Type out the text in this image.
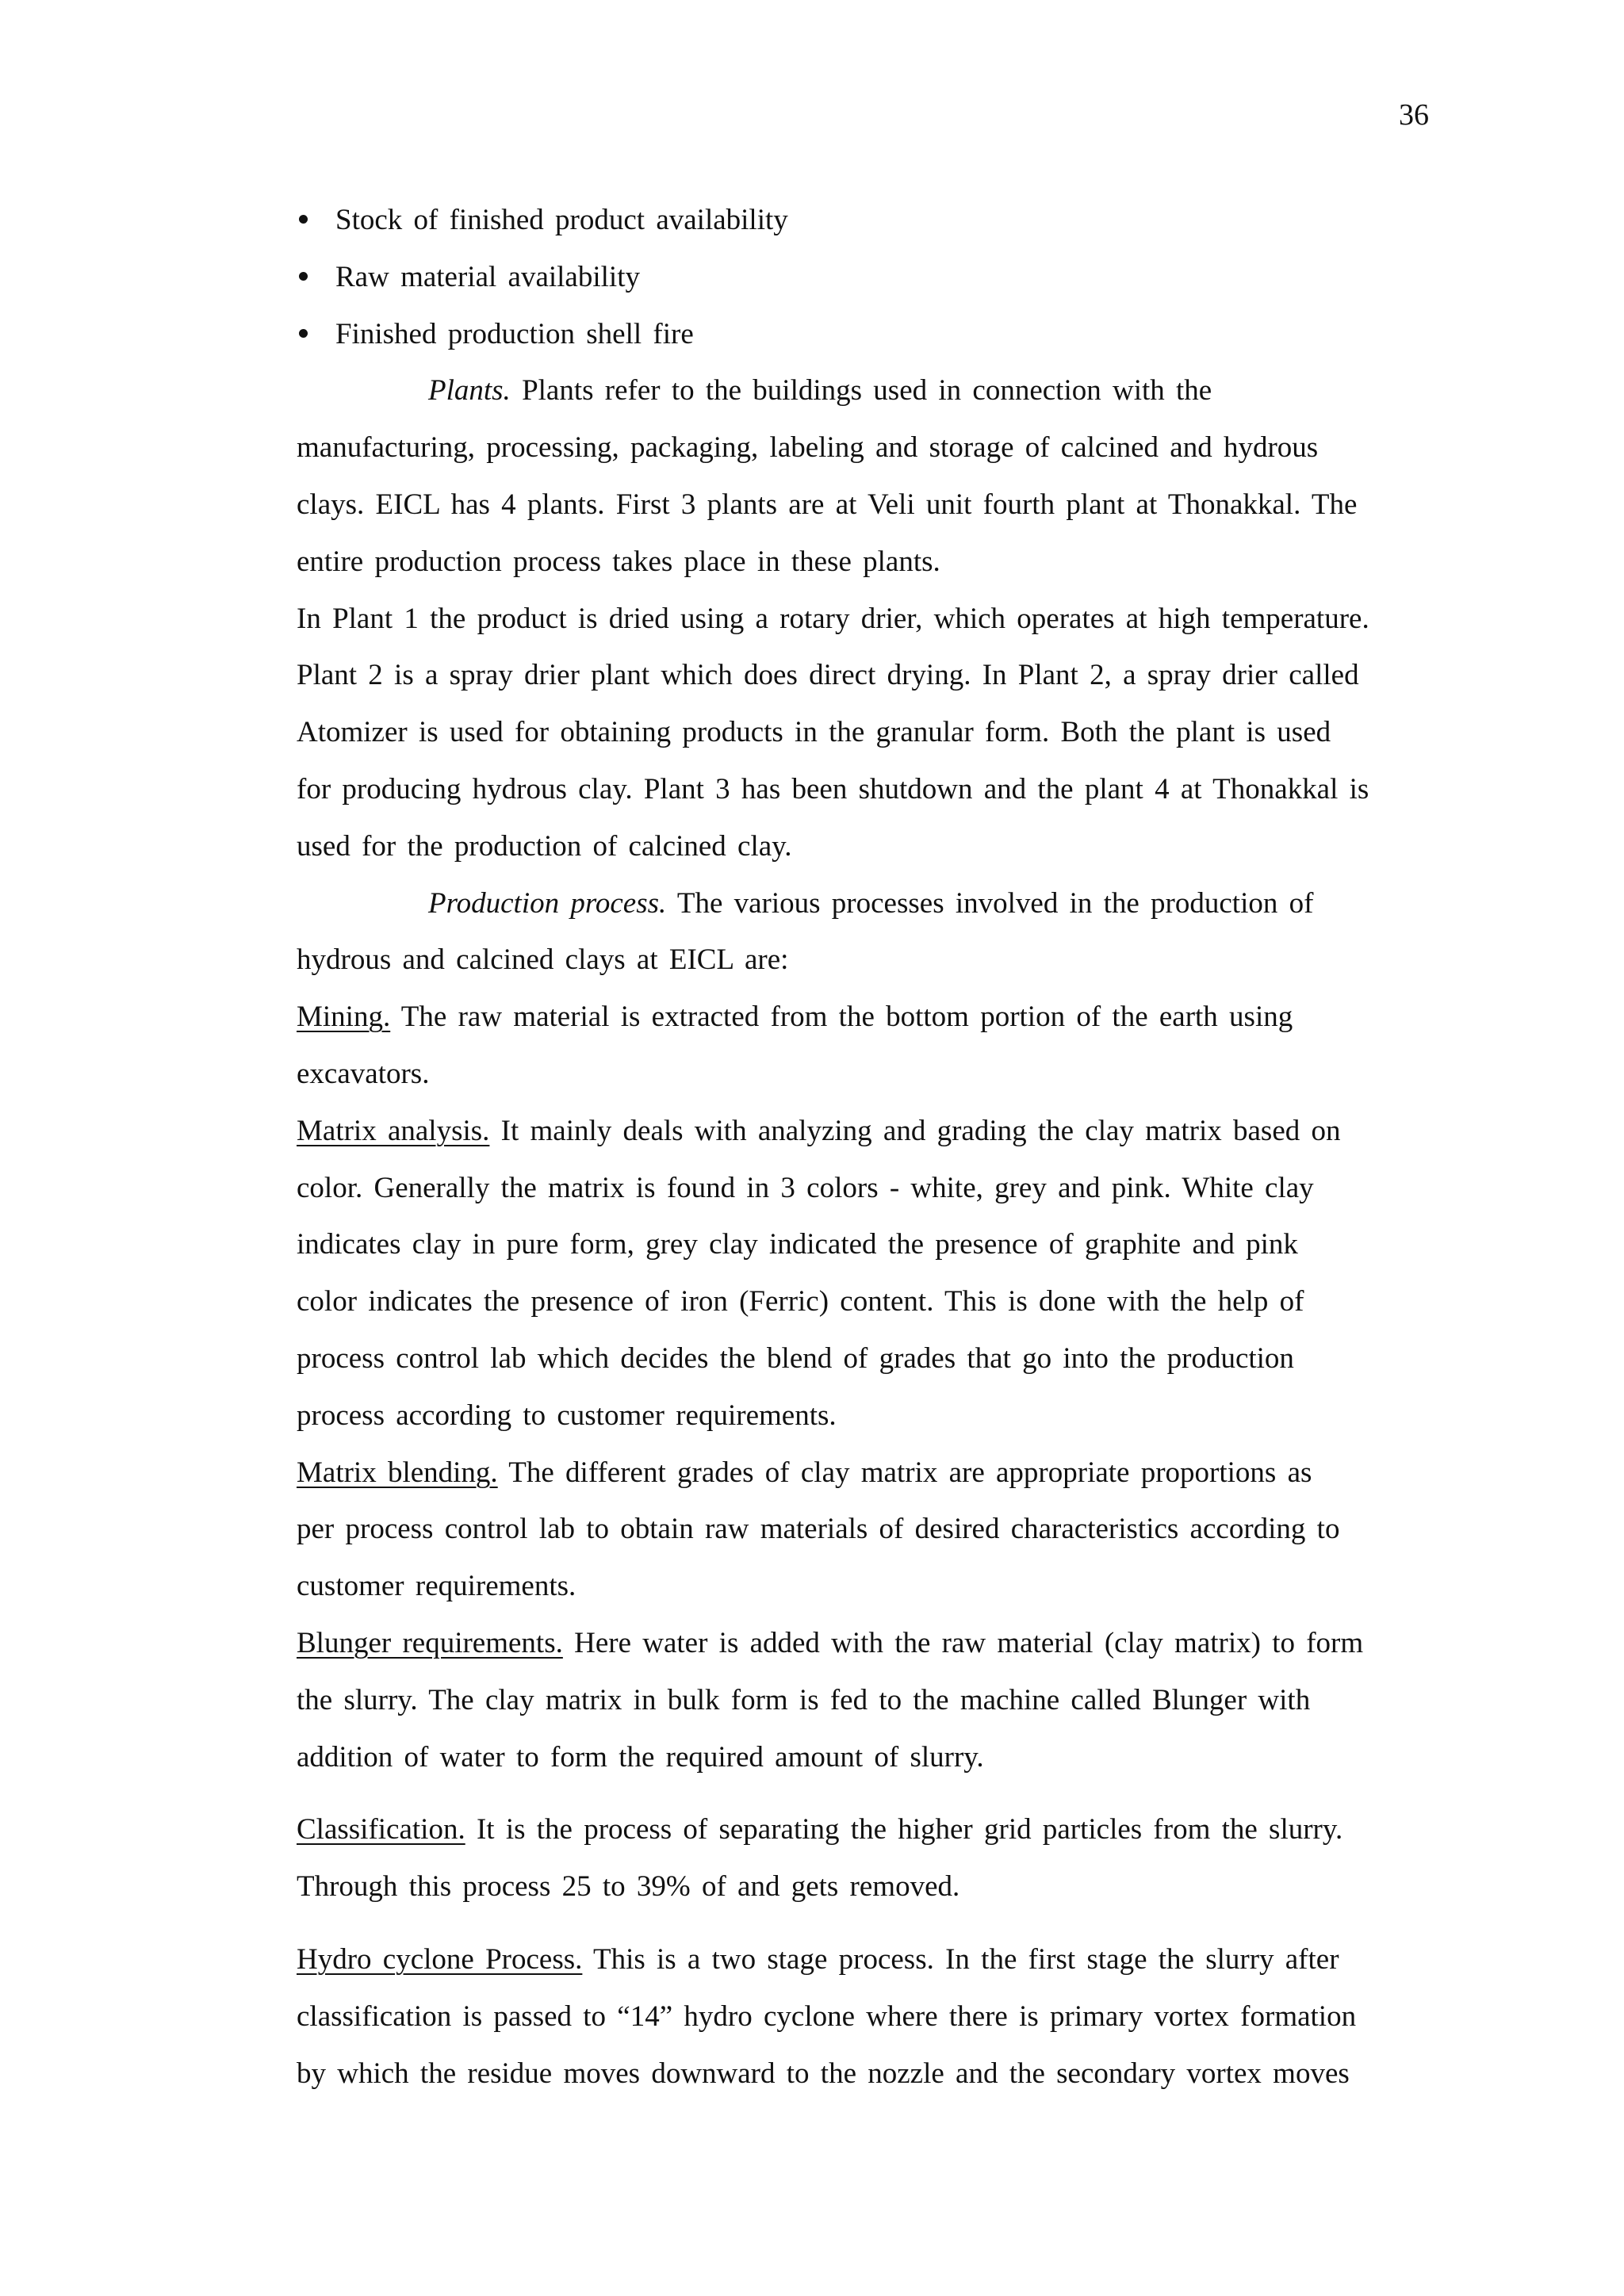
36
Stock of finished product availability
Raw material availability
Finished production shell fire
Plants. Plants refer to the buildings used in connection with the
manufacturing, processing, packaging, labeling and storage of calcined and hydrous
clays. EICL has 4 plants. First 3 plants are at Veli unit fourth plant at Thonakkal. The
entire production process takes place in these plants.
In Plant 1 the product is dried using a rotary drier, which operates at high temperature.
Plant 2 is a spray drier plant which does direct drying. In Plant 2, a spray drier called
Atomizer is used for obtaining products in the granular form. Both the plant is used
for producing hydrous clay. Plant 3 has been shutdown and the plant 4 at Thonakkal is
used for the production of calcined clay.
Production process. The various processes involved in the production of
hydrous and calcined clays at EICL are:
Mining. The raw material is extracted from the bottom portion of the earth using
excavators.
Matrix analysis. It mainly deals with analyzing and grading the clay matrix based on
color. Generally the matrix is found in 3 colors - white, grey and pink. White clay
indicates clay in pure form, grey clay indicated the presence of graphite and pink
color indicates the presence of iron (Ferric) content. This is done with the help of
process control lab which decides the blend of grades that go into the production
process according to customer requirements.
Matrix blending. The different grades of clay matrix are appropriate proportions as
per process control lab to obtain raw materials of desired characteristics according to
customer requirements.
Blunger requirements. Here water is added with the raw material (clay matrix) to form
the slurry. The clay matrix in bulk form is fed to the machine called Blunger with
addition of water to form the required amount of slurry.
Classification. It is the process of separating the higher grid particles from the slurry.
Through this process 25 to 39% of and gets removed.
Hydro cyclone Process. This is a two stage process. In the first stage the slurry after
classification is passed to “14” hydro cyclone where there is primary vortex formation
by which the residue moves downward to the nozzle and the secondary vortex moves
